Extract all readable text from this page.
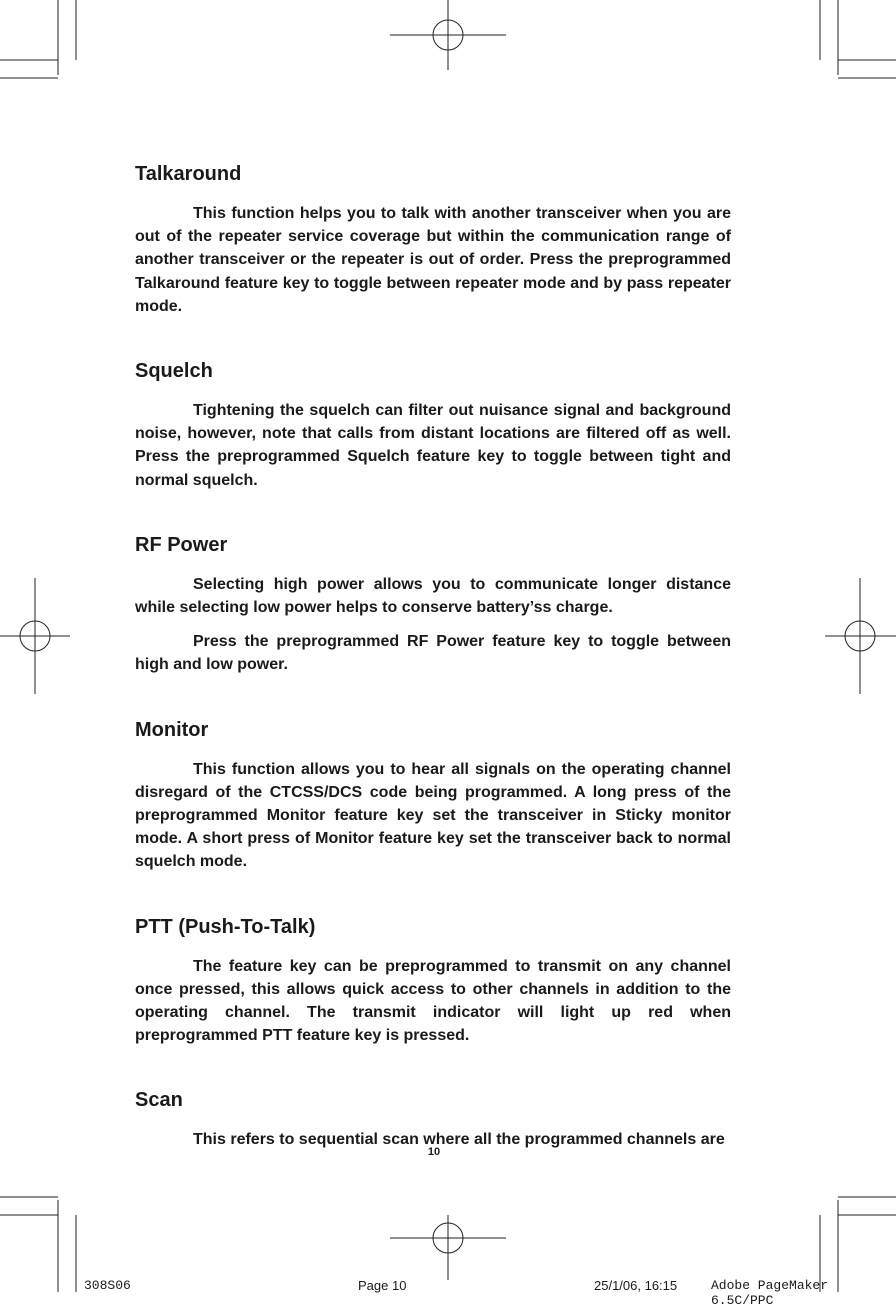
Talkaround

This function helps you to talk with another transceiver when you are out of the repeater service coverage but within the communication range of another transceiver or the repeater is out of order. Press the preprogrammed Talkaround feature key to toggle between repeater mode and by pass repeater mode.

Squelch

Tightening the squelch can filter out nuisance signal and background noise, however, note that calls from distant locations are filtered off as well. Press the preprogrammed Squelch feature key to toggle between tight and normal squelch.

RF Power

Selecting high power allows you to communicate longer distance while selecting low power helps to conserve battery’ss charge.

Press the preprogrammed RF Power feature key to toggle between high and low power.

Monitor

This function allows you to hear all signals on the operating channel disregard of the CTCSS/DCS code being programmed. A long press of the preprogrammed Monitor feature key set the transceiver in Sticky monitor mode. A short press of Monitor feature key set the transceiver back to normal squelch mode.

PTT (Push-To-Talk)

The feature key can be preprogrammed to transmit on any channel once pressed, this allows quick access to other channels in addition to the operating channel. The transmit indicator will light up red when preprogrammed PTT feature key is pressed.

Scan

This refers to sequential scan where all the programmed channels are

10
308S06	Page 10	25/1/06, 16:15	Adobe PageMaker 6.5C/PPC
